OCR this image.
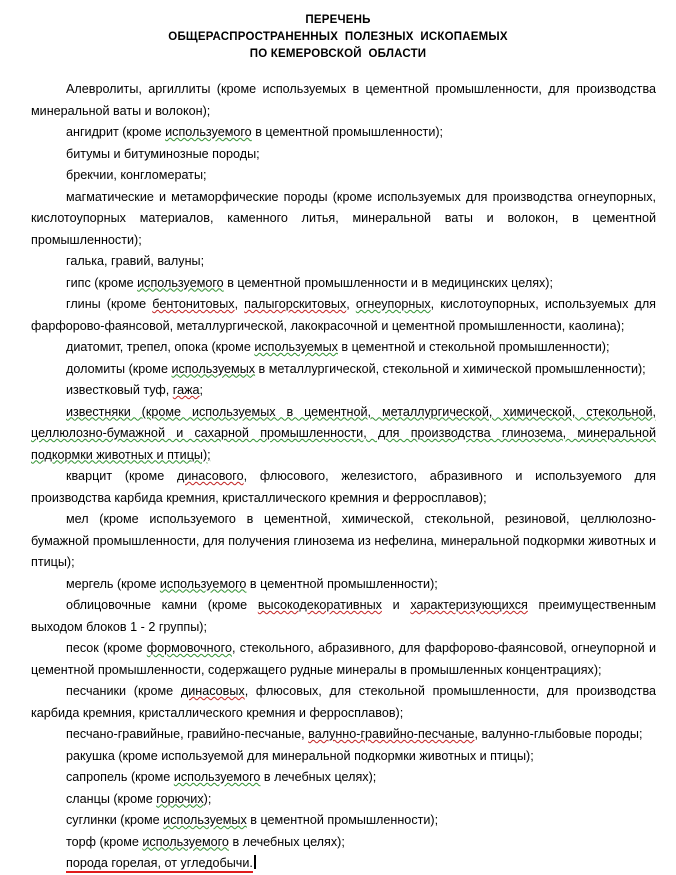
ПЕРЕЧЕНЬ
ОБЩЕРАСПРОСТРАНЕННЫХ  ПОЛЕЗНЫХ  ИСКОПАЕМЫХ
ПО КЕМЕРОВСКОЙ  ОБЛАСТИ

Алевролиты, аргиллиты (кроме используемых в цементной промышленности, для производства минеральной ваты и волокон);

ангидрит (кроме используемого в цементной промышленности);

битумы и битуминозные породы;

брекчии, конгломераты;

магматические и метаморфические породы (кроме используемых для производства огнеупорных, кислотоупорных материалов, каменного литья, минеральной ваты и волокон, в цементной промышленности);

галька, гравий, валуны;

гипс (кроме используемого в цементной промышленности и в медицинских целях);

глины (кроме бентонитовых, палыгорскитовых, огнеупорных, кислотоупорных, используемых для фарфорово-фаянсовой, металлургической, лакокрасочной и цементной промышленности, каолина);

диатомит, трепел, опока (кроме используемых в цементной и стекольной промышленности);

доломиты (кроме используемых в металлургической, стекольной и химической промышленности);

известковый туф, гажа;

известняки (кроме используемых в цементной, металлургической, химической, стекольной, целлюлозно-бумажной и сахарной промышленности, для производства глинозема, минеральной подкормки животных и птицы);

кварцит (кроме динасового, флюсового, железистого, абразивного и используемого для производства карбида кремния, кристаллического кремния и ферросплавов);

мел (кроме используемого в цементной, химической, стекольной, резиновой, целлюлозно-бумажной промышленности, для получения глинозема из нефелина, минеральной подкормки животных и птицы);

мергель (кроме используемого в цементной промышленности);

облицовочные камни (кроме высокодекоративных и характеризующихся преимущественным выходом блоков 1 - 2 группы);

песок (кроме формовочного, стекольного, абразивного, для фарфорово-фаянсовой, огнеупорной и цементной промышленности, содержащего рудные минералы в промышленных концентрациях);

песчаники (кроме динасовых, флюсовых, для стекольной промышленности, для производства карбида кремния, кристаллического кремния и ферросплавов);

песчано-гравийные, гравийно-песчаные, валунно-гравийно-песчаные, валунно-глыбовые породы;

ракушка (кроме используемой для минеральной подкормки животных и птицы);

сапропель (кроме используемого в лечебных целях);

сланцы (кроме горючих);

суглинки (кроме используемых в цементной промышленности);

торф (кроме используемого в лечебных целях);

порода горелая, от угледобычи.
